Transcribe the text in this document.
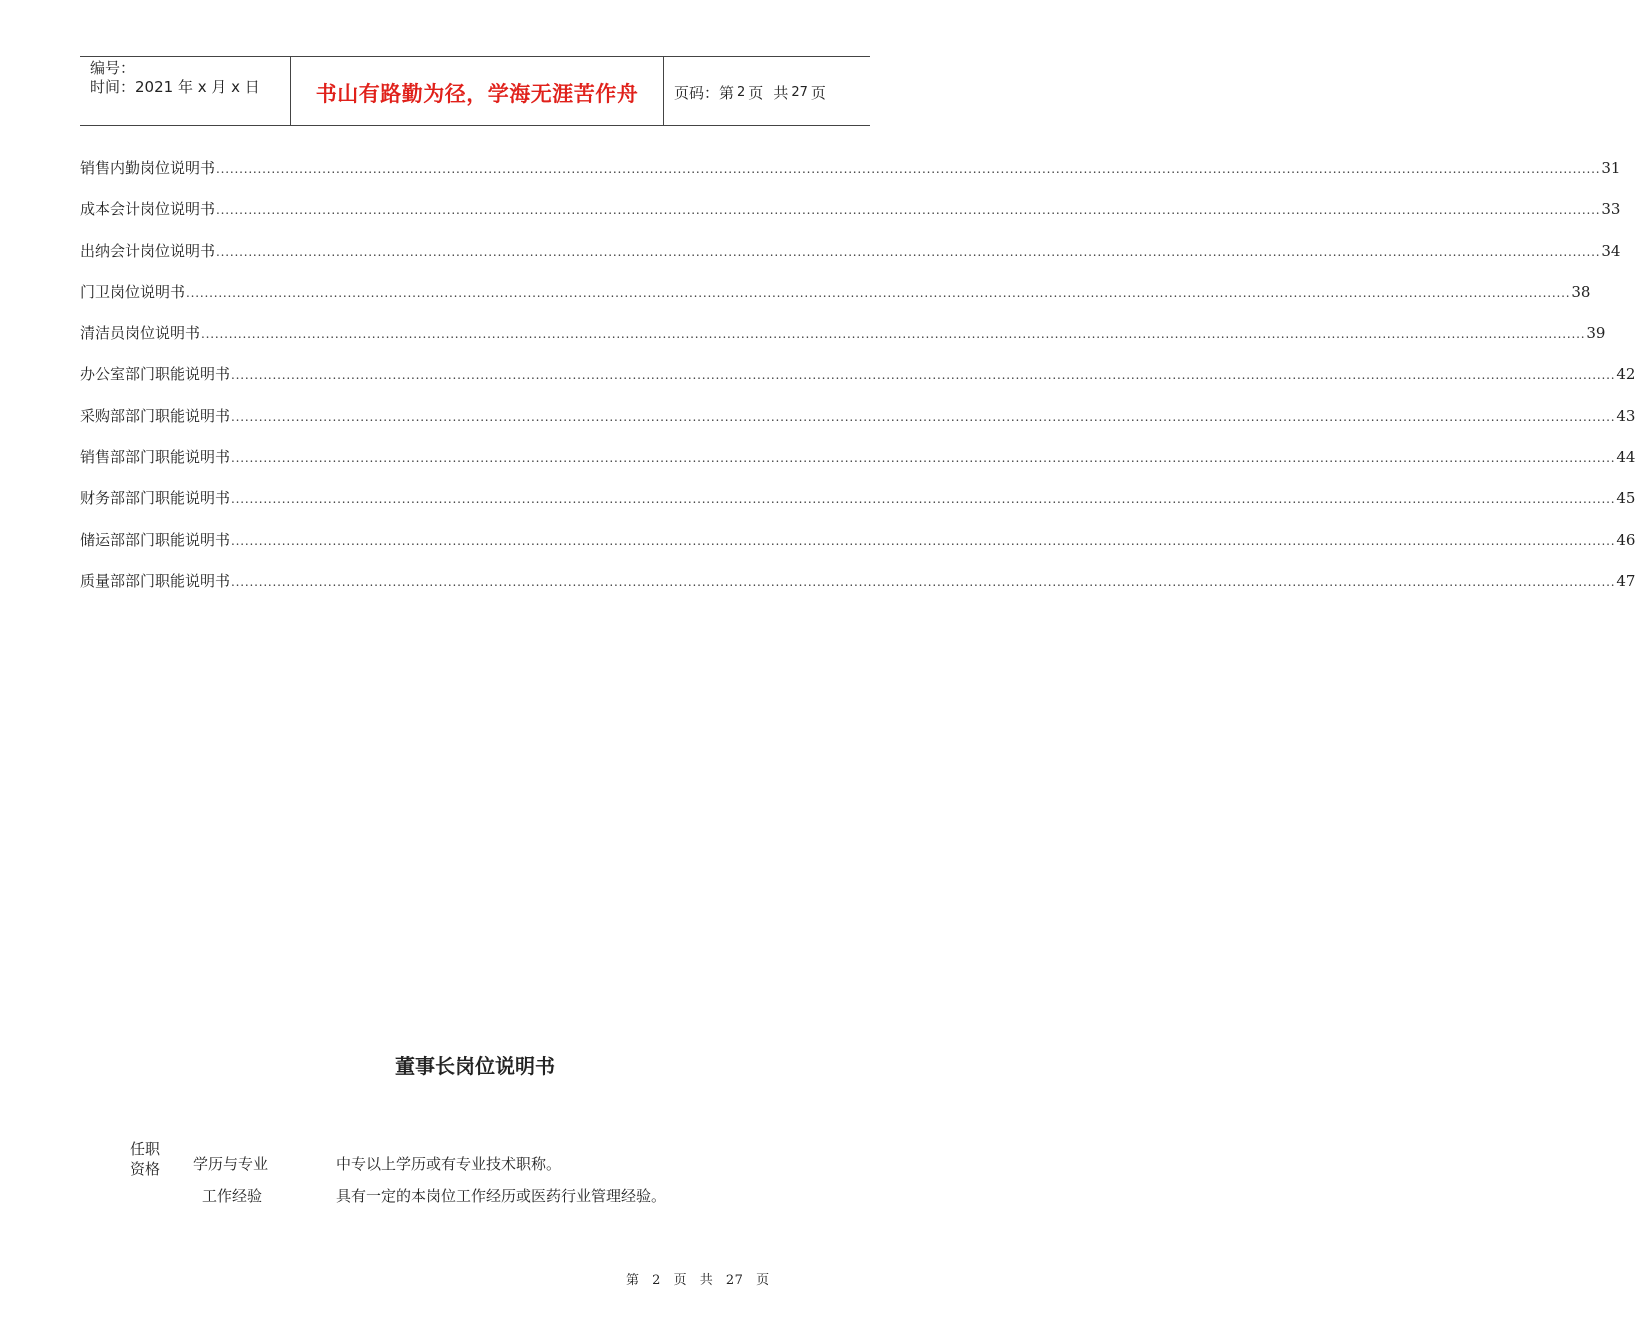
编号：
时间：2021 年 x 月 x 日	书山有路勤为径，学海无涯苦作舟	页码：第 2 页 共 27 页
销售内勤岗位说明书 ............................................................................................................................................................................................................................................................................................................ 31
成本会计岗位说明书 ............................................................................................................................................................................................................................................................................................................ 33
出纳会计岗位说明书 ............................................................................................................................................................................................................................................................................................................ 34
门卫岗位说明书 ............................................................................................................................................................................................................................................................................................................ 38
清洁员岗位说明书 ............................................................................................................................................................................................................................................................................................................ 39
办公室部门职能说明书 ............................................................................................................................................................................................................................................................................................................ 42
采购部部门职能说明书 ............................................................................................................................................................................................................................................................................................................ 43
销售部部门职能说明书 ............................................................................................................................................................................................................................................................................................................ 44
财务部部门职能说明书 ............................................................................................................................................................................................................................................................................................................ 45
储运部部门职能说明书 ............................................................................................................................................................................................................................................................................................................ 46
质量部部门职能说明书 ............................................................................................................................................................................................................................................................................................................ 47
董事长岗位说明书
任职
资格 学历与专业	中专以上学历或有专业技术职称。
工作经验	具有一定的本岗位工作经历或医药行业管理经验。
第 2 页 共 27 页
